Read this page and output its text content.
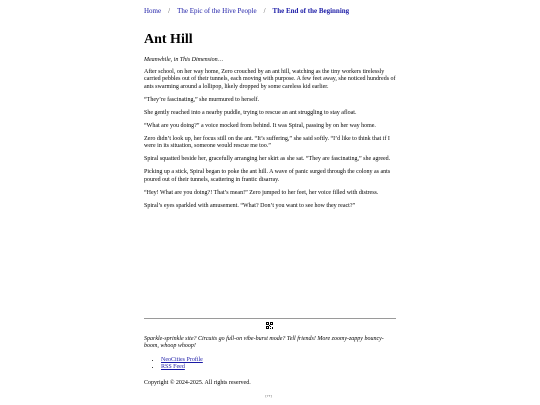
Home / The Epic of the Hive People / The End of the Beginning
Ant Hill

Meanwhile, in This Dimension…

After school, on her way home, Zero crouched by an ant hill, watching as the tiny workers tirelessly carried pebbles out of their tunnels, each moving with purpose. A few feet away, she noticed hundreds of ants swarming around a lollipop, likely dropped by some careless kid earlier.

“They’re fascinating,” she murmured to herself.

She gently reached into a nearby puddle, trying to rescue an ant struggling to stay afloat.

“What are you doing?” a voice mocked from behind. It was Spiral, passing by on her way home.

Zero didn’t look up, her focus still on the ant. “It’s suffering,” she said softly. “I’d like to think that if I were in its situation, someone would rescue me too.”

Spiral squatted beside her, gracefully arranging her skirt as she sat. “They are fascinating,” she agreed.

Picking up a stick, Spiral began to poke the ant hill. A wave of panic surged through the colony as ants poured out of their tunnels, scattering in frantic disarray.

“Hey! What are you doing?! That’s mean!” Zero jumped to her feet, her voice filled with distress.

Spiral’s eyes sparkled with amusement. “What? Don’t you want to see how they react?”

Sparkle-sprinkle site? Circuits go full-on vibe-burst mode? Tell friends! More zoomy-zappy bouncy-boom, whoop whoop!
• NeoCities Profile
• RSS Feed
Copyright © 2024-2025. All rights reserved.
[??]
